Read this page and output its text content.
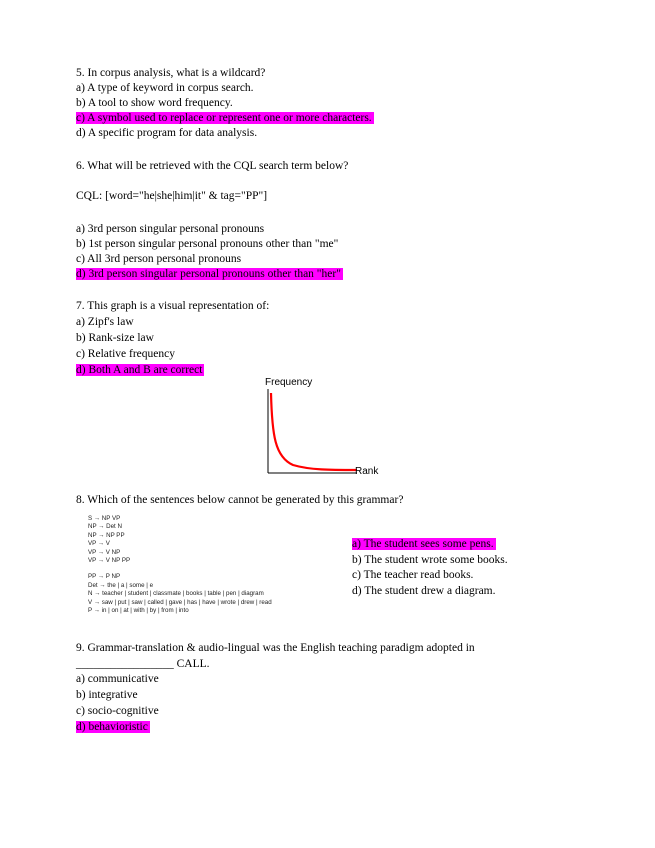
5. In corpus analysis, what is a wildcard?
a) A type of keyword in corpus search.
b) A tool to show word frequency.
c) A symbol used to replace or represent one or more characters.
d) A specific program for data analysis.
6. What will be retrieved with the CQL search term below?
CQL: [word="he|she|him|it" & tag="PP"]
a) 3rd person singular personal pronouns
b) 1st person singular personal pronouns other than "me"
c) All 3rd person personal pronouns
d) 3rd person singular personal pronouns other than "her"
7. This graph is a visual representation of:
a) Zipf's law
b) Rank-size law
c) Relative frequency
d) Both A and B are correct
Frequency
Rank
8. Which of the sentences below cannot be generated by this grammar?
S → NP VP
NP → Det N
NP → NP PP
VP → V
VP → V NP
VP → V NP PP
PP → P NP
Det → the | a | some | e
N → teacher | student | classmate | books | table | pen | diagram
V → saw | put | saw | called | gave | has | have | wrote | drew | read
P → in | on | at | with | by | from | into
a) The student sees some pens.
b) The student wrote some books.
c) The teacher read books.
d) The student drew a diagram.
9. Grammar-translation & audio-lingual was the English teaching paradigm adopted in
_________________ CALL.
a) communicative
b) integrative
c) socio-cognitive
d) behavioristic
